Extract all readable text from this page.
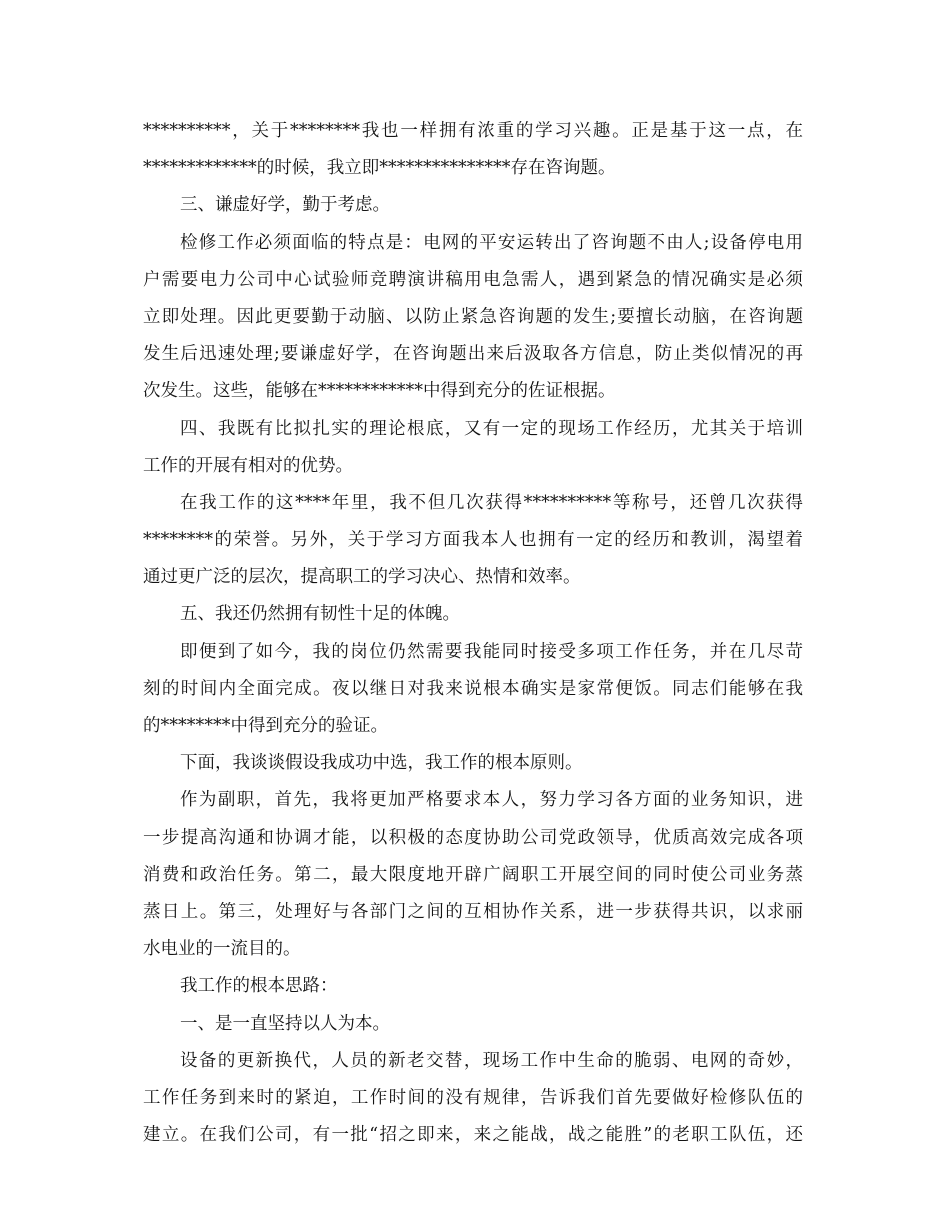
**********，关于********我也一样拥有浓重的学习兴趣。正是基于这一点，在
*************的时候，我立即***************存在咨询题。
三、谦虚好学，勤于考虑。
检修工作必须面临的特点是：电网的平安运转出了咨询题不由人;设备停电用
户需要电力公司中心试验师竞聘演讲稿用电急需人，遇到紧急的情况确实是必须
立即处理。因此更要勤于动脑、以防止紧急咨询题的发生;要擅长动脑，在咨询题
发生后迅速处理;要谦虚好学，在咨询题出来后汲取各方信息，防止类似情况的再
次发生。这些，能够在************中得到充分的佐证根据。
四、我既有比拟扎实的理论根底，又有一定的现场工作经历，尤其关于培训
工作的开展有相对的优势。
在我工作的这****年里，我不但几次获得**********等称号，还曾几次获得
********的荣誉。另外，关于学习方面我本人也拥有一定的经历和教训，渴望着
通过更广泛的层次，提高职工的学习决心、热情和效率。
五、我还仍然拥有韧性十足的体魄。
即便到了如今，我的岗位仍然需要我能同时接受多项工作任务，并在几尽苛
刻的时间内全面完成。夜以继日对我来说根本确实是家常便饭。同志们能够在我
的********中得到充分的验证。
下面，我谈谈假设我成功中选，我工作的根本原则。
作为副职，首先，我将更加严格要求本人，努力学习各方面的业务知识，进
一步提高沟通和协调才能，以积极的态度协助公司党政领导，优质高效完成各项
消费和政治任务。第二，最大限度地开辟广阔职工开展空间的同时使公司业务蒸
蒸日上。第三，处理好与各部门之间的互相协作关系，进一步获得共识，以求丽
水电业的一流目的。
我工作的根本思路：
一、是一直坚持以人为本。
设备的更新换代，人员的新老交替，现场工作中生命的脆弱、电网的奇妙，
工作任务到来时的紧迫，工作时间的没有规律，告诉我们首先要做好检修队伍的
建立。在我们公司，有一批“招之即来，来之能战，战之能胜”的老职工队伍，还
